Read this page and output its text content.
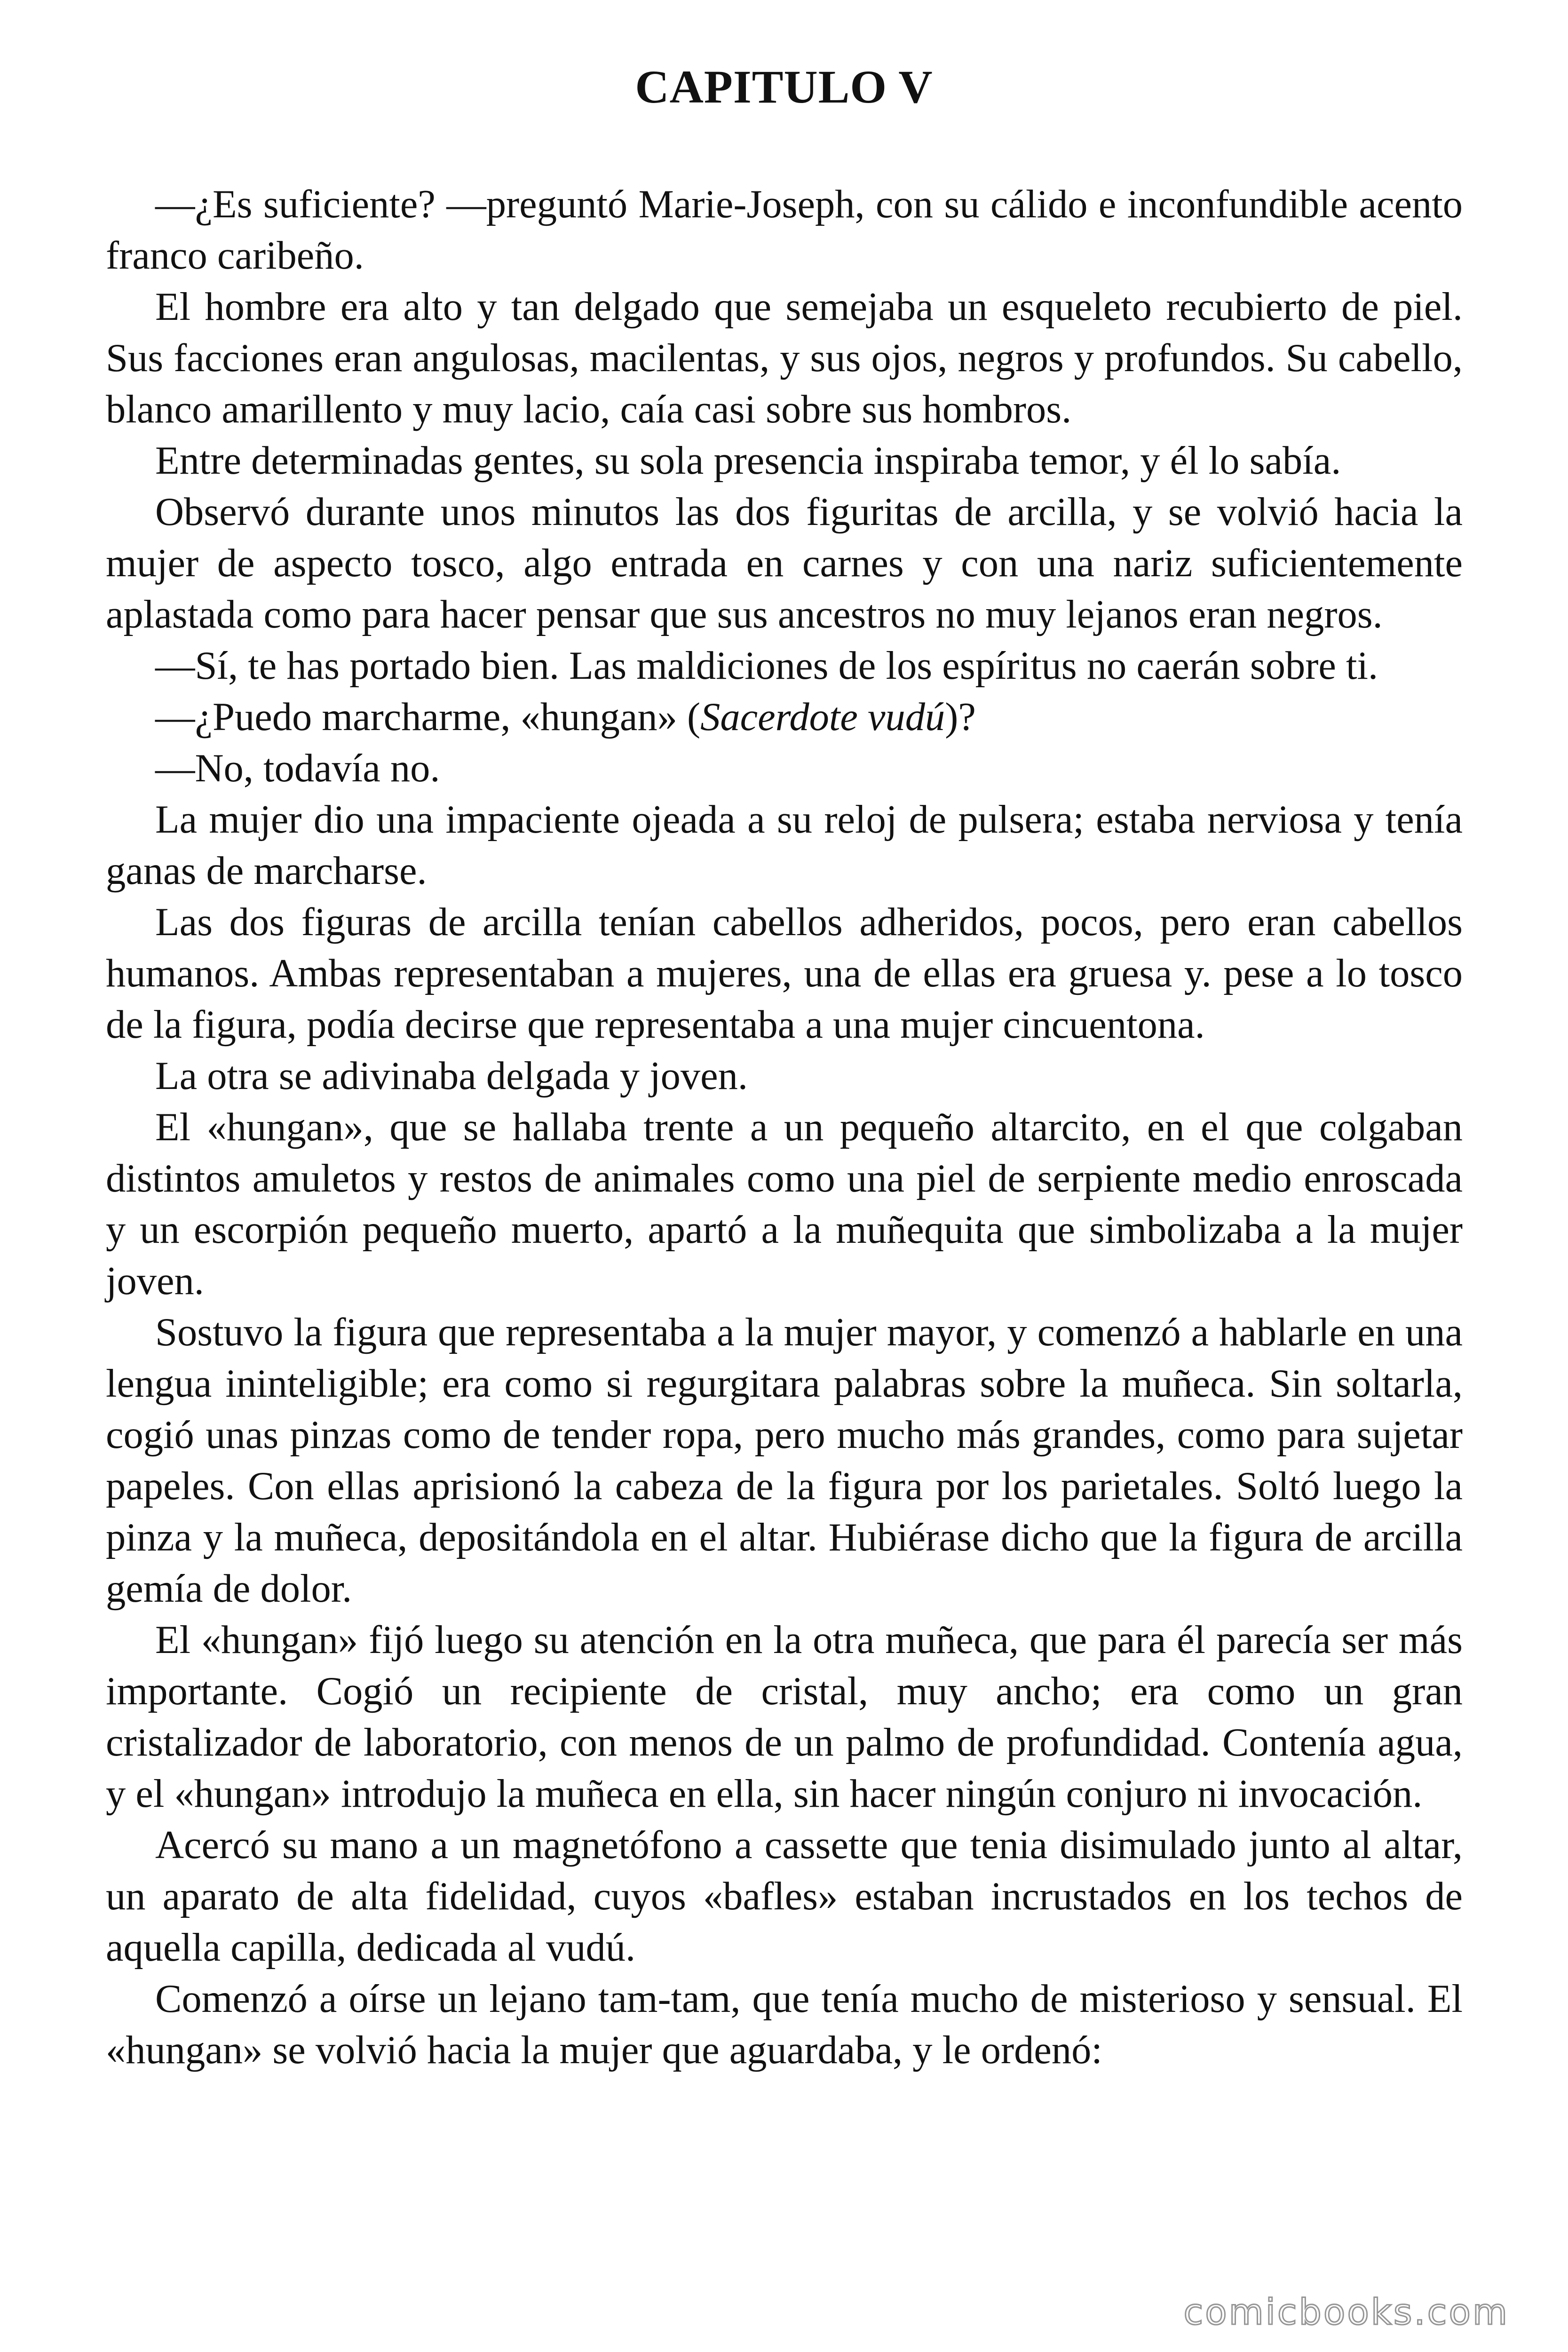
CAPITULO V

—¿Es suficiente? —preguntó Marie-Joseph, con su cálido e inconfundible acento franco caribeño.

El hombre era alto y tan delgado que semejaba un esqueleto recubierto de piel. Sus facciones eran angulosas, macilentas, y sus ojos, negros y profundos. Su cabello, blanco amarillento y muy lacio, caía casi sobre sus hombros.

Entre determinadas gentes, su sola presencia inspiraba temor, y él lo sabía.

Observó durante unos minutos las dos figuritas de arcilla, y se volvió hacia la mujer de aspecto tosco, algo entrada en carnes y con una nariz suficientemente aplastada como para hacer pensar que sus ancestros no muy lejanos eran negros.

—Sí, te has portado bien. Las maldiciones de los espíritus no caerán sobre ti.

—¿Puedo marcharme, «hungan» (Sacerdote vudú)?

—No, todavía no.

La mujer dio una impaciente ojeada a su reloj de pulsera; estaba nerviosa y tenía ganas de marcharse.

Las dos figuras de arcilla tenían cabellos adheridos, pocos, pero eran cabellos humanos. Ambas representaban a mujeres, una de ellas era gruesa y. pese a lo tosco de la figura, podía decirse que representaba a una mujer cincuentona.

La otra se adivinaba delgada y joven.

El «hungan», que se hallaba trente a un pequeño altarcito, en el que colgaban distintos amuletos y restos de animales como una piel de serpiente medio enroscada y un escorpión pequeño muerto, apartó a la muñequita que simbolizaba a la mujer joven.

Sostuvo la figura que representaba a la mujer mayor, y comenzó a hablarle en una lengua ininteligible; era como si regurgitara palabras sobre la muñeca. Sin soltarla, cogió unas pinzas como de tender ropa, pero mucho más grandes, como para sujetar papeles. Con ellas aprisionó la cabeza de la figura por los parietales. Soltó luego la pinza y la muñeca, depositándola en el altar. Hubiérase dicho que la figura de arcilla gemía de dolor.

El «hungan» fijó luego su atención en la otra muñeca, que para él parecía ser más importante. Cogió un recipiente de cristal, muy ancho; era como un gran cristalizador de laboratorio, con menos de un palmo de profundidad. Contenía agua, y el «hungan» introdujo la muñeca en ella, sin hacer ningún conjuro ni invocación.

Acercó su mano a un magnetófono a cassette que tenia disimulado junto al altar, un aparato de alta fidelidad, cuyos «bafles» estaban incrustados en los techos de aquella capilla, dedicada al vudú.

Comenzó a oírse un lejano tam-tam, que tenía mucho de misterioso y sensual. El «hungan» se volvió hacia la mujer que aguardaba, y le ordenó:

comicbooks.com
